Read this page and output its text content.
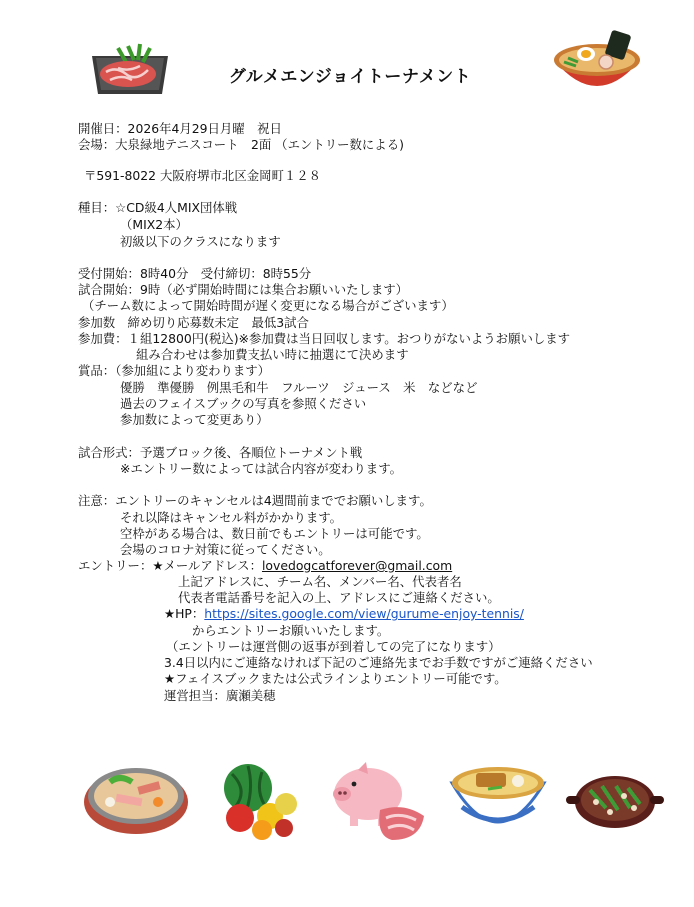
グルメエンジョイトーナメント
開催日：2026年4月29日月曜　祝日
会場：大泉緑地テニスコート　2面 （エントリー数による)
〒591-8022 大阪府堺市北区金岡町１２８
種目：☆CD級4人MIX団体戦
（MIX2本）
初級以下のクラスになります
受付開始：8時40分　受付締切：8時55分
試合開始：9時（必ず開始時間には集合お願いいたします）
（チーム数によって開始時間が遅く変更になる場合がございます）
参加数　締め切り応募数未定　最低3試合
参加費：１組12800円(税込)※参加費は当日回収します。おつりがないようお願いします
組み合わせは参加費支払い時に抽選にて決めます
賞品：（参加組により変わります）
優勝　準優勝　例黒毛和牛　フルーツ　ジュース　米　などなど
過去のフェイスブックの写真を参照ください
参加数によって変更あり）
試合形式：予選ブロック後、各順位トーナメント戦
※エントリー数によっては試合内容が変わります。
注意：エントリーのキャンセルは4週間前まででお願いします。
それ以降はキャンセル料がかかります。
空枠がある場合は、数日前でもエントリーは可能です。
会場のコロナ対策に従ってください。
エントリー：★メールアドレス：lovedogcatforever@gmail.com
上記アドレスに、チーム名、メンバー名、代表者名
代表者電話番号を記入の上、アドレスにご連絡ください。
★HP：https://sites.google.com/view/gurume-enjoy-tennis/
からエントリーお願いいたします。
（エントリーは運営側の返事が到着しての完了になります）
3.4日以内にご連絡なければ下記のご連絡先までお手数ですがご連絡ください
★フェイスブックまたは公式ラインよりエントリー可能です。
運営担当：廣瀬美穂
